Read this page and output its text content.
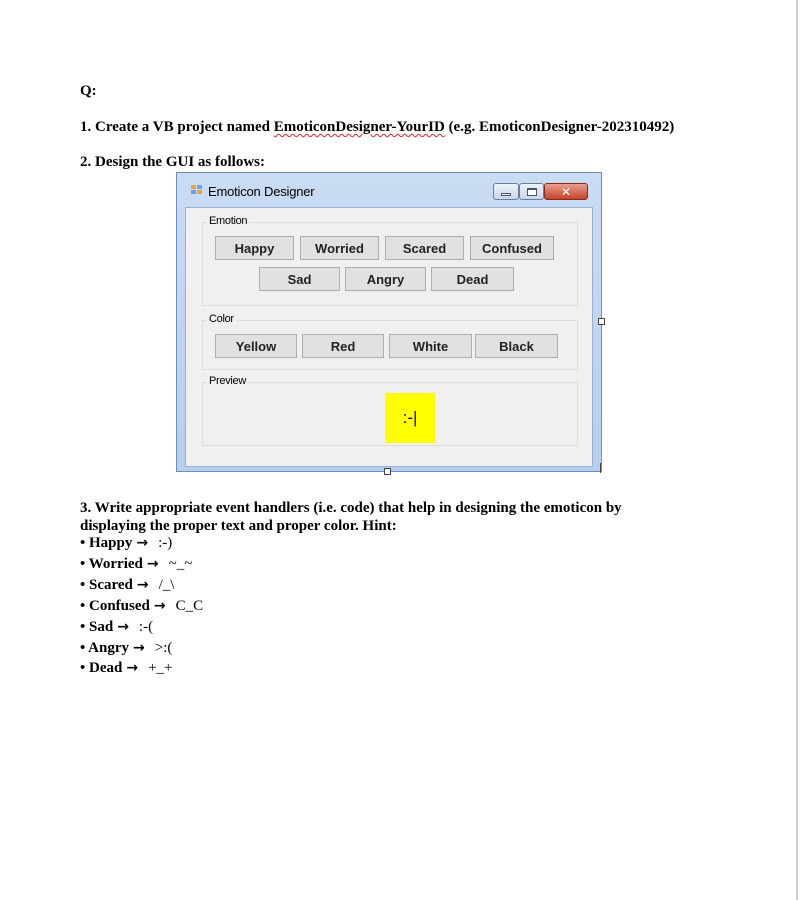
Q:
1. Create a VB project named EmoticonDesigner-YourID (e.g. EmoticonDesigner-202310492)
2. Design the GUI as follows:
Emoticon Designer	✕
Emotion
Happy	Worried	Scared	Confused
Sad	Angry	Dead
Color
Yellow	Red	White	Black
Preview
:-|
3. Write appropriate event handlers (i.e. code) that help in designing the emoticon by
displaying the proper text and proper color. Hint:
• Happy → :-)
• Worried → ~_~
• Scared → /_\
• Confused → C_C
• Sad → :-(
• Angry → >:(
• Dead → +_+
